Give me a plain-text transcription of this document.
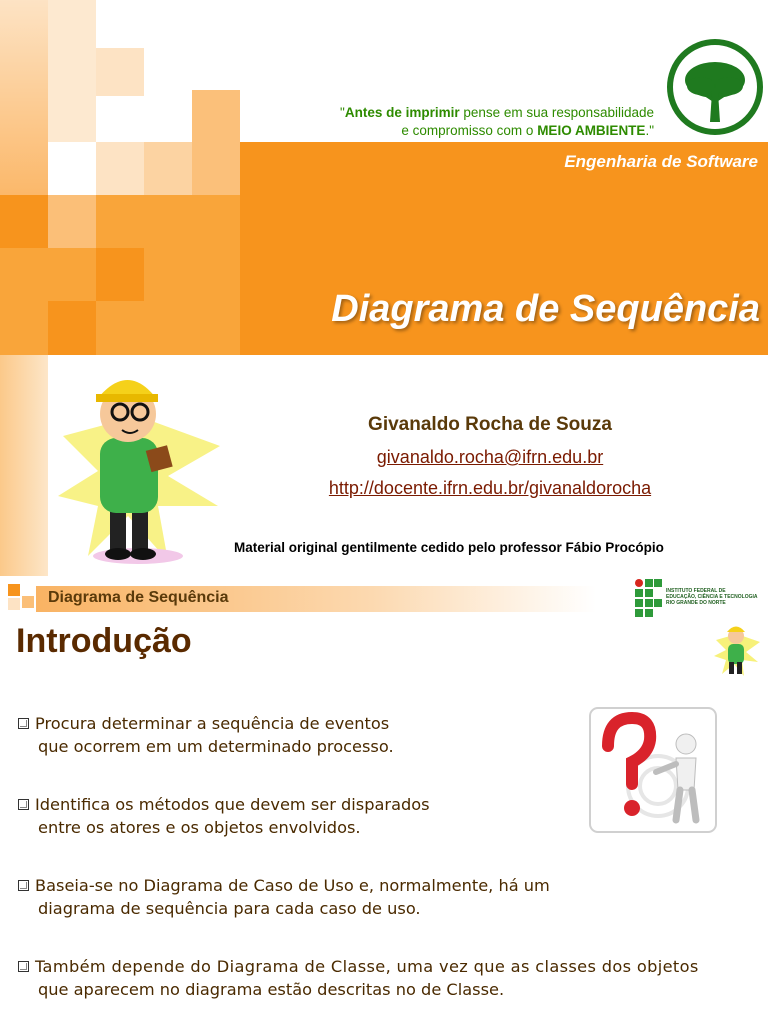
"Antes de imprimir pense em sua responsabilidade
e compromisso com o MEIO AMBIENTE."
Engenharia de Software
Diagrama de Sequência
Givanaldo Rocha de Souza
givanaldo.rocha@ifrn.edu.br
http://docente.ifrn.edu.br/givanaldorocha
Material original gentilmente cedido pelo professor Fábio Procópio
Diagrama de Sequência	INSTITUTO FEDERAL DE
EDUCAÇÃO, CIÊNCIA E TECNOLOGIA
RIO GRANDE DO NORTE
Introdução
Procura determinar a sequência de eventos
que ocorrem em um determinado processo.
Identifica os métodos que devem ser disparados
entre os atores e os objetos envolvidos.
Baseia-se no Diagrama de Caso de Uso e, normalmente, há um
diagrama de sequência para cada caso de uso.
Também depende do Diagrama de Classe, uma vez que as classes dos objetos
que aparecem no diagrama estão descritas no de Classe.
